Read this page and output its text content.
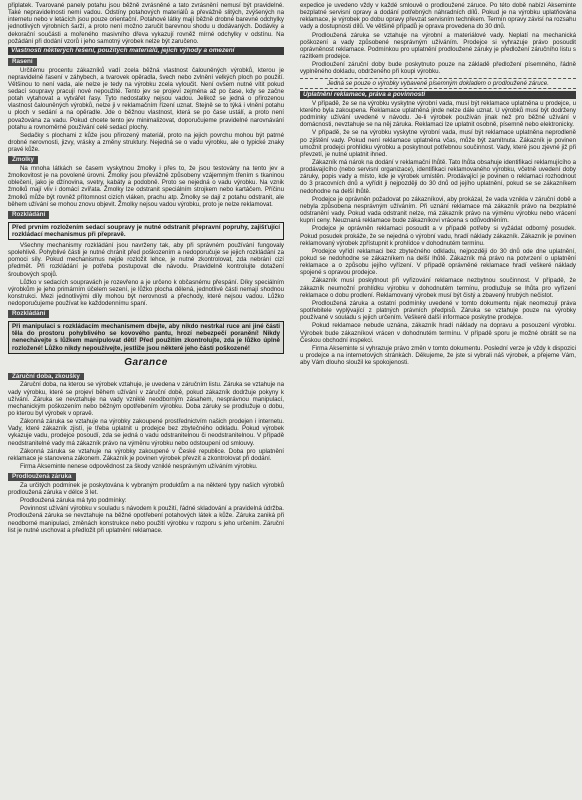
připlatek. Tvarované panely potahu jsou běžně zvrásněné a tato zvrásnění nemusí být pravidelné. Také nepravidelnosti nemí vadou. Odstíny potahových materiálů a převážně slitých, zvýšených na internetu nebo v letácích jsou pouze orientační. Potahové látky mají běžně drobné barevné odchylky jednotlivých výrobních šarží, a proto není možno zaručit barevnou shodu u dodávaných. Dodávky a dekorační součásti a mořeného masivního dřeva vykazují rovněž mírné odchylky v odstínu. Na požádání při dodání vzorů i jeho samotný výrobek nelze být zaručeno.

Vlastnosti některých řešení, použitých materiálů, jejich výhody a omezení
Rasení

Určitému procentu zákazníků vadí zcela běžná vlastnost čalouněných výrobků, kterou je nepravidelné řasení v záhybech, a tvarovek opěradla, švech nebo zvlnění velkých ploch po použití. Většinou to není vada, ale nelze je tedy na výrobku zcela vyloučit. Není ovšem nutné vítit pokud sedací soupravy pracují nové nepoužité. Tento jev se projeví zejména až po čase, kdy se začne potah vytahovat a vytvářet řasy. Tyto nedostatky nejsou vadou. Jelikož se jedná o přirozenou vlastnost čalouněných výrobků, nelze ji v reklamačním řízení uznat. Stejně se to týká i vlnění potahu u ploch v sedání a na opěradle. Jde o běžnou vlastnost, která se po čase ustálí, a proto není považována za vadu. Pokud chcete tento jev minimalizovat, doporučujeme pravidelné narovnávání potahu a rovnoměrné používání celé sedací plochy.

Sedačky s plochami z kůže jsou přirozený materiál, proto na jejich povrchu mohou být patrné drobné nerovnosti, jizvy, vrásky a změny struktury. Nejedná se o vadu výrobku, ale o typické znaky pravé kůže.

Žmolky

Na mnoha látkách se časem vyskytnou žmolky i přes to, že jsou testovány na tento jev a žmolkovitost je na povolené úrovni. Žmolky jsou převážně způsobeny vzájemným třením s tkaninou oblečení, jako je džínovina, svetry, kabáty a podobně. Proto se nejedná o vadu výrobku. Na vznik žmolků mají vliv i domácí zvířata. Žmolky lze odstranit speciálním strojkem nebo kartáčem. Příčinu žmolků může být rovněž přítomnost cizích vláken, prachu atp. Žmolky se dají z potahu odstranit, ale během užívání se mohou znovu objevit. Žmolky nejsou vadou výrobku, proto je nelze reklamovat.

Rozkládání

Před prvním rozložením sedací soupravy je nutné odstranit přepravní popruhy, zajišťující rozkládací mechanismus při přepravě.

Všechny mechanismy rozkládání jsou navrženy tak, aby při správném používání fungovaly spolehlivě. Pohyblivé části je nutné chránit před poškozením a nedoporučuje se jejich rozkládání za pomoci síly. Pokud mechanismus nejde rozložit lehce, je nutné zkontrolovat, zda nebrání cizí předmět. Při rozkládání je potřeba postupovat dle návodu. Pravidelně kontrolujte dotažení šroubových spojů.

Lůžko v sedacích soupravách je rozevřeno a je určeno k občasnému přespání. Díky speciálním výrobkům je jeho primárním účelem sezení, je lůžko plocha dělená, jednotlivé části nemají shodnou konstrukci. Mezi jednotlivými díly mohou být nerovnosti a přechody, které nejsou vadou. Lůžko nedoporučujeme používat ke každodennímu spaní.

Rozkládání

Při manipulaci s rozkládacím mechanismem dbejte, aby nikdo nestrkal ruce ani jiné části těla do prostoru pohyblivého se kovového pantu, hrozí nebezpečí poranění! Nikdy nenechávejte s lůžkem manipulovat děti! Před použitím zkontrolujte, zda je lůžko úplně rozložené! Lůžko nikdy nepoužívejte, jestliže jsou některé jeho části poškozené!

Garance
Záruční doba, zkoušky

Záruční doba, na kterou se výrobek vztahuje, je uvedena v záručním listu. Záruka se vztahuje na vady výrobku, které se projeví během užívání v záruční době, pokud zákazník dodržuje pokyny k užívání. Záruka se nevztahuje na vady vzniklé neodborným zásahem, nesprávnou manipulací, mechanickým poškozením nebo běžným opotřebením výrobku. Doba záruky se prodlužuje o dobu, po kterou byl výrobek v opravě.

Zákonná záruka se vztahuje na výrobky zakoupené prostřednictvím našich prodejen i internetu. Vady, které zákazník zjistí, je třeba uplatnit u prodejce bez zbytečného odkladu. Pokud výrobek vykazuje vadu, prodejce posoudí, zda se jedná o vadu odstranitelnou či neodstranitelnou. V případě neodstranitelné vady má zákazník právo na výměnu výrobku nebo odstoupení od smlouvy.

Zákonná záruka se vztahuje na výrobky zakoupené v České republice. Doba pro uplatnění reklamace je stanovena zákonem. Zákazník je povinen výrobek převzít a zkontrolovat při dodání.

Firma Akseminte nenese odpovědnost za škody vzniklé nesprávným užíváním výrobku.

Prodloužená záruka

Za určitých podmínek je poskytována k vybraným produktům a na některé typy našich výrobků prodloužená záruka v délce 3 let.

Prodloužená záruka má tyto podmínky:

Povinnost užívání výrobku v souladu s návodem k použití, řádné skladování a pravidelná údržba. Prodloužená záruka se nevztahuje na běžné opotřebení potahových látek a kůže. Záruka zaniká při neodborné manipulaci, změnách konstrukce nebo použití výrobku v rozporu s jeho určením. Záruční list je nutné uschovat a předložit při uplatnění reklamace.

expedice je uvedeno vždy v každé smlouvě o prodloužené záruce. Po této době nabízí Akseminte bezplatné servisní opravy a dodání potřebných náhradních dílů. Pokud je na výrobku uplatňována reklamace, je výrobek po dobu opravy převzat servisním technikem. Termín opravy závisí na rozsahu vady a dostupnosti dílů. Ve většině případů je oprava provedena do 30 dnů.

Prodloužená záruka se vztahuje na výrobní a materiálové vady. Neplatí na mechanická poškození a vady způsobené nesprávným užíváním. Prodejce si vyhrazuje právo posoudit oprávněnost reklamace. Podmínkou pro uplatnění prodloužené záruky je předložení záručního listu s razítkem prodejce.

Prodloužení záruční doby bude poskytnuto pouze na základě předložení písemného, řádně vyplněného dokladu, obdrženého při koupi výrobku.

Jedná se pouze o výrobky vybavené písemným dokladem o prodloužené záruce.
Uplatnění reklamace, práva a povinnosti

V případě, že se na výrobku vyskytne výrobní vada, musí být reklamace uplatněna u prodejce, u kterého byla zakoupena. Reklamace uplatněná jinde nelze dále uznat. U výrobků musí být dodrženy podmínky užívání uvedené v návodu. Je-li výrobek používán jinak než pro běžné užívání v domácnosti, nevztahuje se na něj záruka. Reklamaci lze uplatnit osobně, písemně nebo elektronicky.

V případě, že se na výrobku vyskytne výrobní vada, musí být reklamace uplatněna neprodleně po zjištění vady. Pokud není reklamace uplatněna včas, může být zamítnuta. Zákazník je povinen umožnit prodejci prohlídku výrobku a poskytnout potřebnou součinnost. Vady, které jsou zjevné již při převzetí, je nutné uplatnit ihned.

Zákazník má nárok na dodání v reklamační lhůtě. Tato lhůta obsahuje identifikaci reklamujícího a prodávajícího (nebo servisní organizace), identifikaci reklamovaného výrobku, včetně uvedení doby záruky, popis vady a místo, kde je výrobek umístěn. Prodávající je povinen o reklamaci rozhodnout do 3 pracovních dnů a vyřídit ji nejpozději do 30 dnů od jejího uplatnění, pokud se se zákazníkem nedohodne na delší lhůtě.

Prodejce je oprávněn požadovat po zákazníkovi, aby prokázal, že vada vznikla v záruční době a nebyla způsobena nesprávným užíváním. Při uznání reklamace má zákazník právo na bezplatné odstranění vady. Pokud vada odstranit nelze, má zákazník právo na výměnu výrobku nebo vrácení kupní ceny. Neuznaná reklamace bude zákazníkovi vrácena s odůvodněním.

Prodejce je oprávněn reklamaci posoudit a v případě potřeby si vyžádat odborný posudek. Pokud posudek prokáže, že se nejedná o výrobní vadu, hradí náklady zákazník. Zákazník je povinen reklamovaný výrobek zpřístupnit k prohlídce v dohodnutém termínu.

Prodejce vyřídí reklamaci bez zbytečného odkladu, nejpozději do 30 dnů ode dne uplatnění, pokud se nedohodne se zákazníkem na delší lhůtě. Zákazník má právo na potvrzení o uplatnění reklamace a o způsobu jejího vyřízení. V případě oprávněné reklamace hradí veškeré náklady spojené s opravou prodejce.

Zákazník musí poskytnout při vyřizování reklamace nezbytnou součinnost. V případě, že zákazník neumožní prohlídku výrobku v dohodnutém termínu, prodlužuje se lhůta pro vyřízení reklamace o dobu prodlení. Reklamovaný výrobek musí být čistý a zbavený hrubých nečistot.

Prodloužená záruka a ostatní podmínky uvedené v tomto dokumentu nijak neomezují práva spotřebitele vyplývající z platných právních předpisů. Záruka se vztahuje pouze na výrobky používané v souladu s jejich určením. Veškeré další informace poskytne prodejce.

Pokud reklamace nebude uznána, zákazník hradí náklady na dopravu a posouzení výrobku. Výrobek bude zákazníkovi vrácen v dohodnutém termínu. V případě sporu je možné obrátit se na Českou obchodní inspekci.

Firma Akseminte si vyhrazuje právo změn v tomto dokumentu. Poslední verze je vždy k dispozici u prodejce a na internetových stránkách. Děkujeme, že jste si vybrali náš výrobek, a přejeme Vám, aby Vám dlouho sloužil ke spokojenosti.
